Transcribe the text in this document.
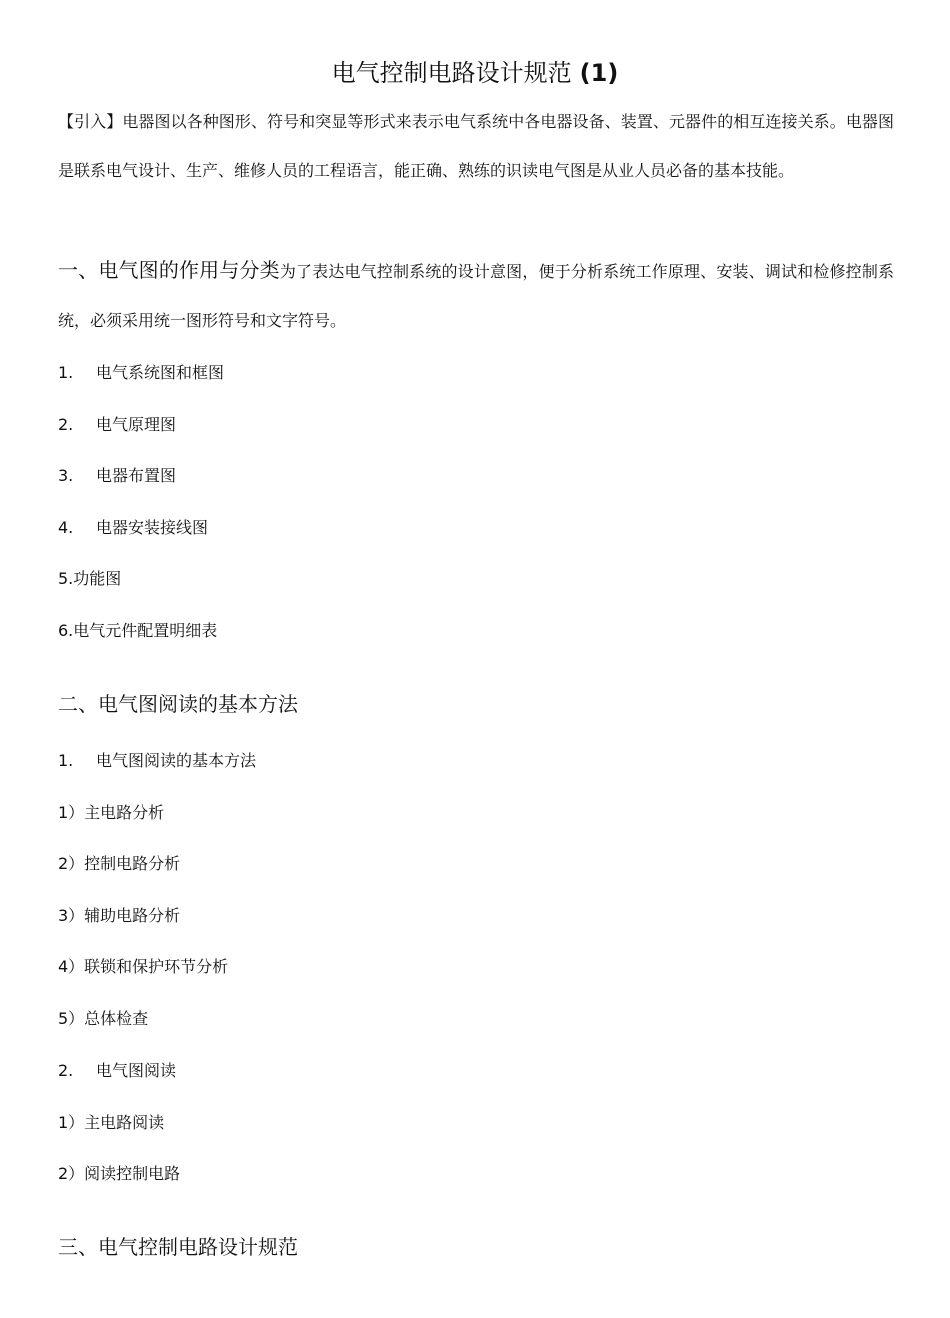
电气控制电路设计规范 (1)

【引入】电器图以各种图形、符号和突显等形式来表示电气系统中各电器设备、装置、元器件的相互连接关系。电器图是联系电气设计、生产、维修人员的工程语言，能正确、熟练的识读电气图是从业人员必备的基本技能。

一、电气图的作用与分类为了表达电气控制系统的设计意图，便于分析系统工作原理、安装、调试和检修控制系统，必须采用统一图形符号和文字符号。

1. 电气系统图和框图

2. 电气原理图

3. 电器布置图

4. 电器安装接线图

5.功能图

6.电气元件配置明细表

二、电气图阅读的基本方法

1. 电气图阅读的基本方法

1）主电路分析

2）控制电路分析

3）辅助电路分析

4）联锁和保护环节分析

5）总体检查

2. 电气图阅读

1）主电路阅读

2）阅读控制电路

三、电气控制电路设计规范
